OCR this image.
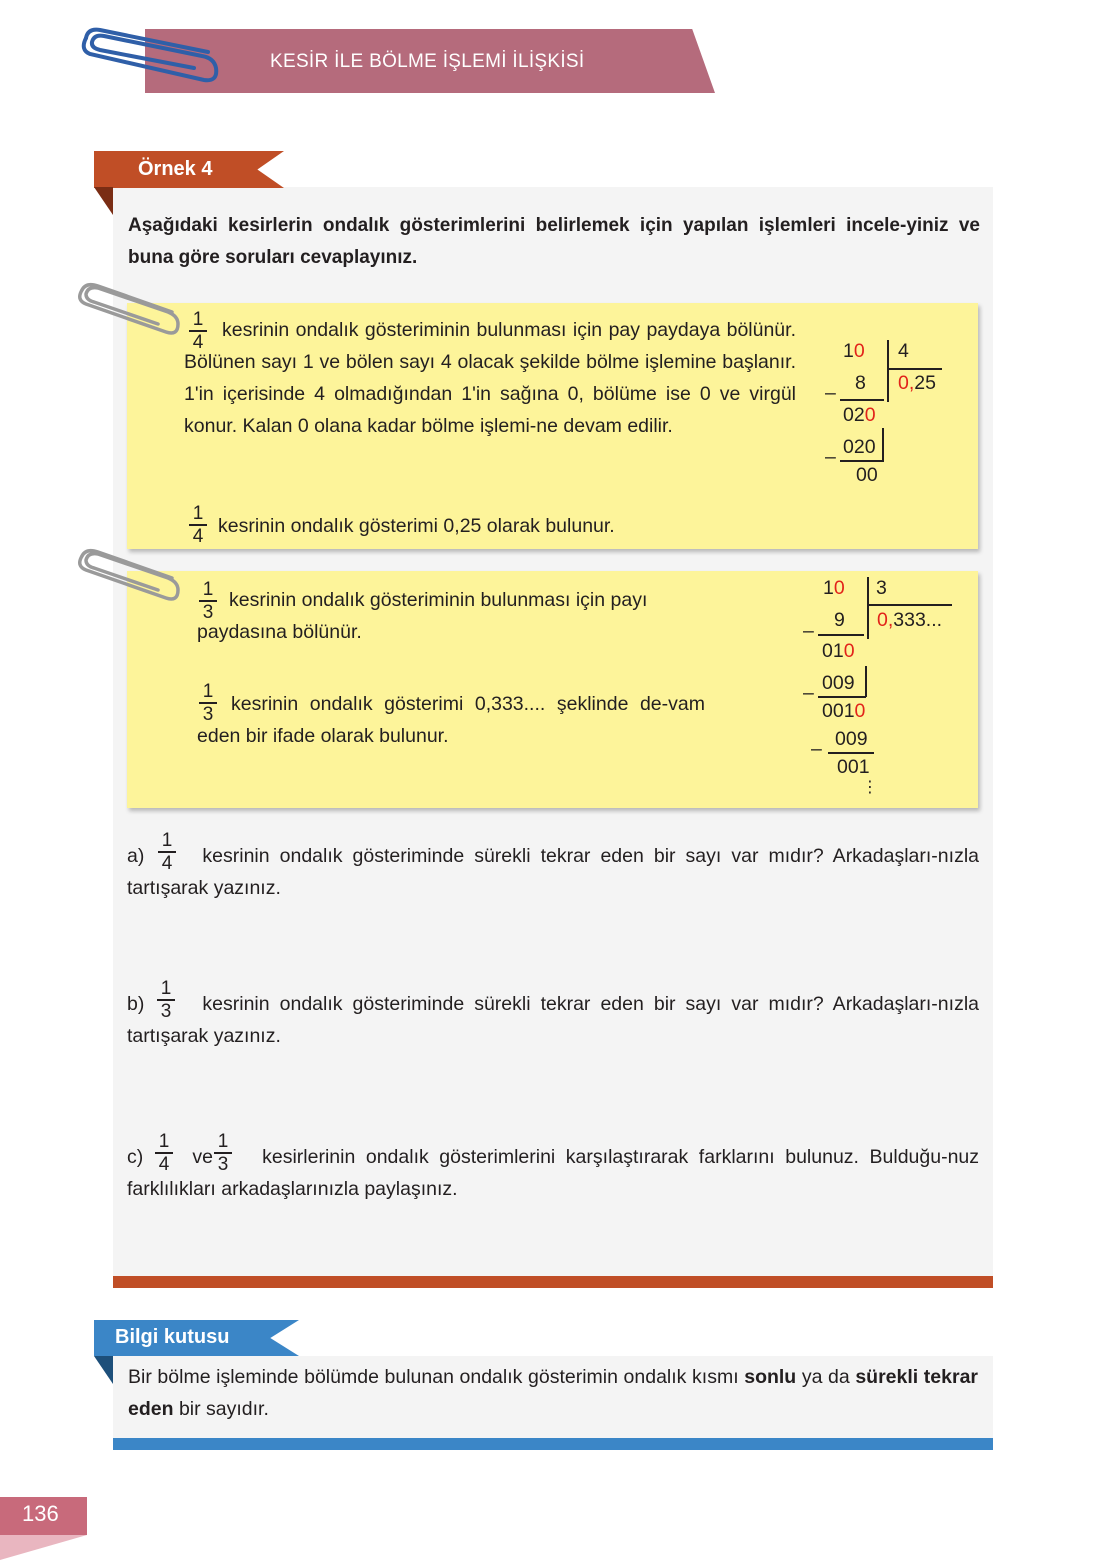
KESİR İLE BÖLME İŞLEMİ İLİŞKİSİ
Örnek 4
Aşağıdaki kesirlerin ondalık gösterimlerini belirlemek için yapılan işlemleri incele-yiniz ve buna göre soruları cevaplayınız.
1
4
kesrinin ondalık gösteriminin bulunması için pay paydaya bölünür. Bölünen sayı 1 ve bölen sayı 4 olacak şekilde bölme işlemine başlanır. 1'in içerisinde 4 olmadığından 1'in sağına 0, bölüme ise 0 ve virgül konur. Kalan 0 olana kadar bölme işlemi-ne devam edilir.
1
4 kesrinin ondalık gösterimi 0,25 olarak bulunur.
10 4
0,25
– 8
020
– 020
00
1
3
kesrinin ondalık gösteriminin bulunması için payı paydasına bölünür.
1
3 kesrinin ondalık gösterimi 0,333.... şeklinde de-vam eden bir ifade olarak bulunur.
10 3
0,333...
– 9
010
– 009
0010
– 009
001
⋮
a)	kesrinin ondalık gösteriminde sürekli tekrar eden bir sayı var mıdır? Arkadaşları-nızla tartışarak yazınız.
1
4
b)	kesrinin ondalık gösteriminde sürekli tekrar eden bir sayı var mıdır? Arkadaşları-nızla tartışarak yazınız.
1
3
c)	ve	kesirlerinin ondalık gösterimlerini karşılaştırarak farklarını bulunuz. Bulduğu-nuz farklılıkları arkadaşlarınızla paylaşınız.
1
4
1
3
Bilgi kutusu
Bir bölme işleminde bölümde bulunan ondalık gösterimin ondalık kısmı sonlu ya da sürekli tekrar eden bir sayıdır.
136
